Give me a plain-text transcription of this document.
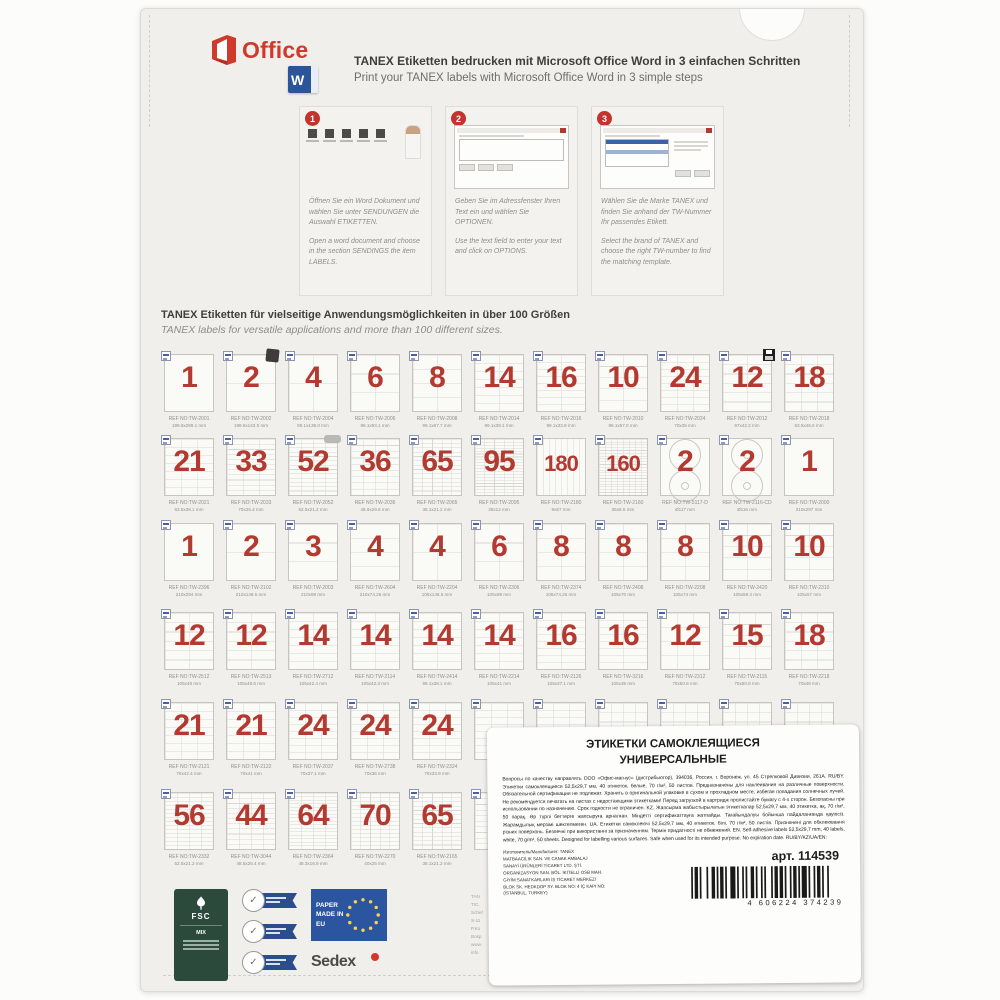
Office
W
TANEX Etiketten bedrucken mit Microsoft Office Word in 3 einfachen Schritten
Print your TANEX labels with Microsoft Office Word in 3 simple steps
1
Öffnen Sie ein Word Dokument und wählen Sie unter SENDUNGEN die Auswahl ETIKETTEN.
Open a word document and choose in the section SENDINGS the item LABELS.
2
Geben Sie im Adressfenster Ihren Text ein und wählen Sie OPTIONEN.
Use the text field to enter your text and click on OPTIONS.
3
Wählen Sie die Marke TANEX und finden Sie anhand der TW-Nummer Ihr passendes Etikett.
Select the brand of TANEX and choose the right TW-number to find the matching template.
TANEX Etiketten für vielseitige Anwendungsmöglichkeiten in über 100 Größen
TANEX labels for versatile applications and more than 100 different sizes.
1
REF NO:TW-2001
199.6x289.1 mm
2
REF NO:TW-2002
199.6x143.5 mm
4
REF NO:TW-2004
99.1x139.0 mm
6
REF NO:TW-2006
99.1x93.1 mm
8
REF NO:TW-2008
99.1x67.7 mm
14
REF NO:TW-2014
99.1x38.1 mm
16
REF NO:TW-2016
99.1x33.9 mm
10
REF NO:TW-2010
99.1x57.0 mm
24
REF NO:TW-2024
70x35 mm
12
REF NO:TW-2012
97x42.3 mm
18
REF NO:TW-2018
63.5x46.6 mm
21
REF NO:TW-2021
63.5x38.1 mm
33
REF NO:TW-2033
70x25.4 mm
52
REF NO:TW-2052
52.5x21.2 mm
36
REF NO:TW-2036
48.9x29.6 mm
65
REF NO:TW-2065
38.1x21.2 mm
95
REF NO:TW-2095
35x12 mm
180
REF NO:TW-2180
9x57 mm
160
REF NO:TW-2160
35x8.5 mm
2
REF NO:TW-5117-D
Ø117 mm
2
REF NO:TW-2116-CD
Ø116 mm
1
REF NO:TW-2000
210x297 mm
1
REF NO:TW-2396
210x294 mm
2
REF NO:TW-2102
210x148.5 mm
3
REF NO:TW-2003
210x99 mm
4
REF NO:TW-2604
210x74.25 mm
4
REF NO:TW-2204
105x148.5 mm
6
REF NO:TW-2306
105x99 mm
8
REF NO:TW-2374
105x74.25 mm
8
REF NO:TW-2408
105x70 mm
8
REF NO:TW-2208
105x74 mm
10
REF NO:TW-2420
105x59.4 mm
10
REF NO:TW-2310
105x57 mm
12
REF NO:TW-2512
105x48 mm
12
REF NO:TW-2513
105x46.6 mm
14
REF NO:TW-2712
105x42.4 mm
14
REF NO:TW-2114
105x42.3 mm
14
REF NO:TW-2414
99.1x38.1 mm
14
REF NO:TW-2214
105x41 mm
16
REF NO:TW-2126
105x37.1 mm
16
REF NO:TW-3216
105x35 mm
12
REF NO:TW-2312
70x50.8 mm
15
REF NO:TW-2115
70x50.8 mm
18
REF NO:TW-2218
70x48 mm
21
REF NO:TW-2121
70x42.4 mm
21
REF NO:TW-2122
70x41 mm
24
REF NO:TW-2037
70x37.1 mm
24
REF NO:TW-2738
70x36 mm
24
REF NO:TW-2324
70x33.9 mm
56
REF NO:TW-2332
52.5x21.2 mm
44
REF NO:TW-3044
48.5x25.4 mm
64
REF NO:TW-2364
48.3x16.9 mm
70
REF NO:TW-2270
40x25 mm
65
REF NO:TW-2165
38.1x21.2 mm
FSC
MIX
✓
✓
✓
PAPER
MADE IN EU
Sedex
TAN
TIC.
Schef
S-11
P.Ko
Bosp
www.
info
ЭТИКЕТКИ САМОКЛЕЯЩИЕСЯ
УНИВЕРСАЛЬНЫЕ
Вопросы по качеству направлять ООО «Офис-магнус» (дистрибьютор), 394036, Россия, г. Воронеж, ул. 45 Стрелковой Дивизии, 261А. RU/BY. Этикетки самоклеящиеся 52,5х29,7 мм, 40 этикеток, белые, 70 г/м², 50 листов. Предназначены для наклеивания на различные поверхности. Обязательной сертификации не подлежат. Хранить в оригинальной упаковке в сухом и прохладном месте, избегая попадания солнечных лучей. Не рекомендуется печатать на листах с недостающими этикетками! Перед загрузкой в картридж пролистайте бумагу с 4-х сторон. Безопасны при использовании по назначению. Срок годности не ограничен. KZ. Жапсырма жабыстырылатын этикеткалар 52,5х29,7 мм, 40 этикетка, ақ, 70 г/м², 50 парақ. Әр түрлі беттерге жапсыруға арналған. Міндетті сертификаттауға жатпайды. Тағайындалуы бойынша пайдаланғанда қауіпсіз. Жарамдылық мерзімі шектелмеген. UA. Етикетки самоклеючі 52,5х29,7 мм, 40 етикеток, білі, 70 г/м², 50 листів. Призначені для обклеювання різних поверхонь. Безпечні при використанні за призначенням. Термін придатності не обмежений. EN. Self-adhesive labels 52,5x29,7 mm, 40 labels, white, 70 g/m², 50 sheets. Designed for labelling various surfaces. Safe when used for its intended purpose. No expiration date. RU/BY/KZ/UA/EN:
Изготовитель/Manufacturer: TANEX
MATBAACILIK SAN. VE CANAK AMBALAJ
SANAYİ ÜRÜNLERİ TİCARET LTD. ŞTİ.
ORGANİZASYON SAN. BÖL. İKİTELLİ OSB MAH.
GİYİM SANATKARLARI İŞ TİCARET MERKEZİ
BLOK SK. HEDKDOP SY. BLOK NO: 4 İÇ KAPI NO:
(İSTANBUL, TURKEY)
арт. 114539
4 606224 374239
